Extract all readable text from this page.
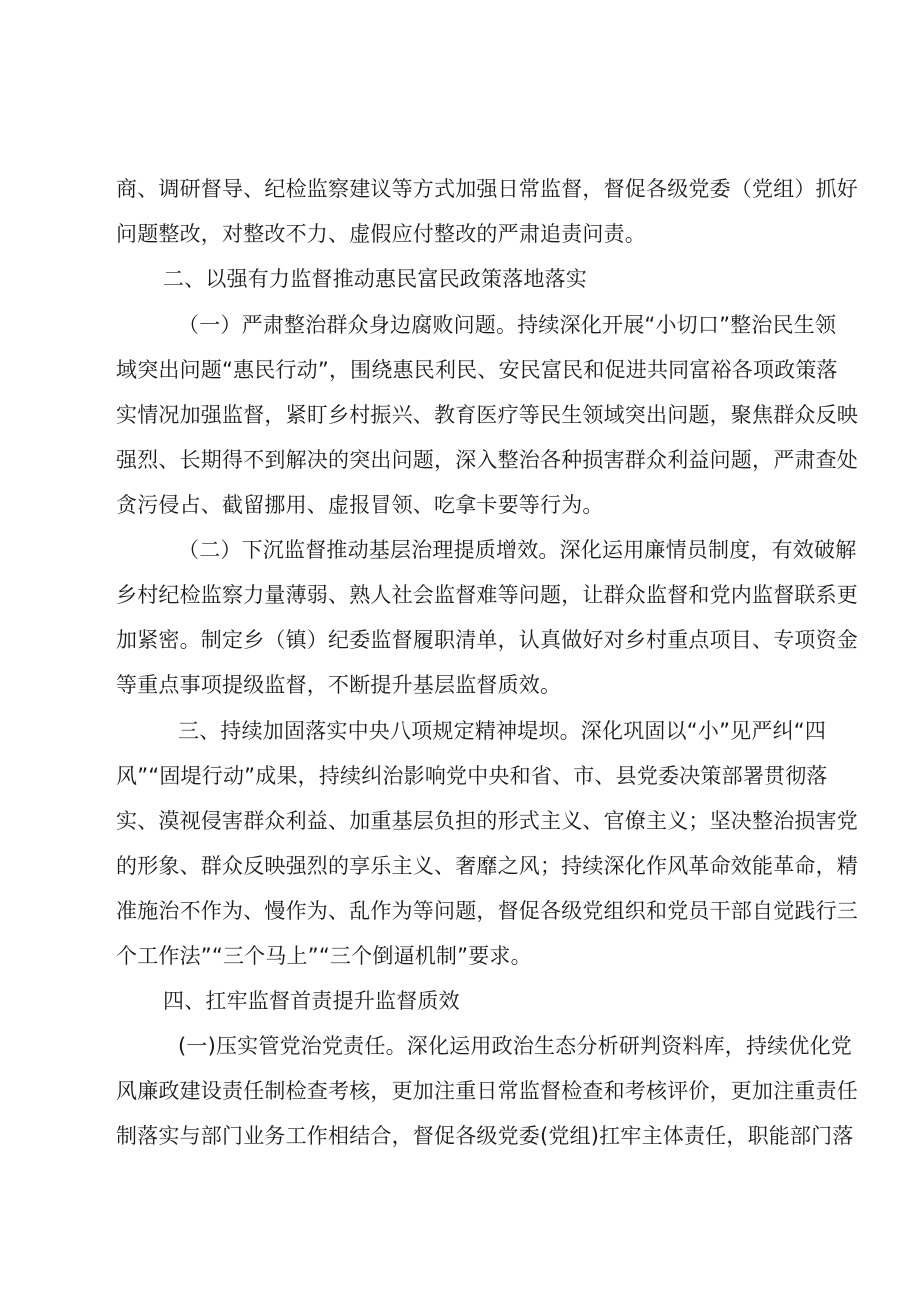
商、调研督导、纪检监察建议等方式加强日常监督，督促各级党委（党组）抓好
问题整改，对整改不力、虚假应付整改的严肃追责问责。
二、以强有力监督推动惠民富民政策落地落实
（一）严肃整治群众身边腐败问题。持续深化开展“小切口”整治民生领
域突出问题“惠民行动”，围绕惠民利民、安民富民和促进共同富裕各项政策落
实情况加强监督，紧盯乡村振兴、教育医疗等民生领域突出问题，聚焦群众反映
强烈、长期得不到解决的突出问题，深入整治各种损害群众利益问题，严肃查处
贪污侵占、截留挪用、虚报冒领、吃拿卡要等行为。
（二）下沉监督推动基层治理提质增效。深化运用廉情员制度，有效破解
乡村纪检监察力量薄弱、熟人社会监督难等问题，让群众监督和党内监督联系更
加紧密。制定乡（镇）纪委监督履职清单，认真做好对乡村重点项目、专项资金
等重点事项提级监督，不断提升基层监督质效。
三、持续加固落实中央八项规定精神堤坝。深化巩固以“小”见严纠“四
风”“固堤行动”成果，持续纠治影响党中央和省、市、县党委决策部署贯彻落
实、漠视侵害群众利益、加重基层负担的形式主义、官僚主义；坚决整治损害党
的形象、群众反映强烈的享乐主义、奢靡之风；持续深化作风革命效能革命，精
准施治不作为、慢作为、乱作为等问题，督促各级党组织和党员干部自觉践行三
个工作法”“三个马上”“三个倒逼机制”要求。
四、扛牢监督首责提升监督质效
(一)压实管党治党责任。深化运用政治生态分析研判资料库，持续优化党
风廉政建设责任制检查考核，更加注重日常监督检查和考核评价，更加注重责任
制落实与部门业务工作相结合，督促各级党委(党组)扛牢主体责任，职能部门落
